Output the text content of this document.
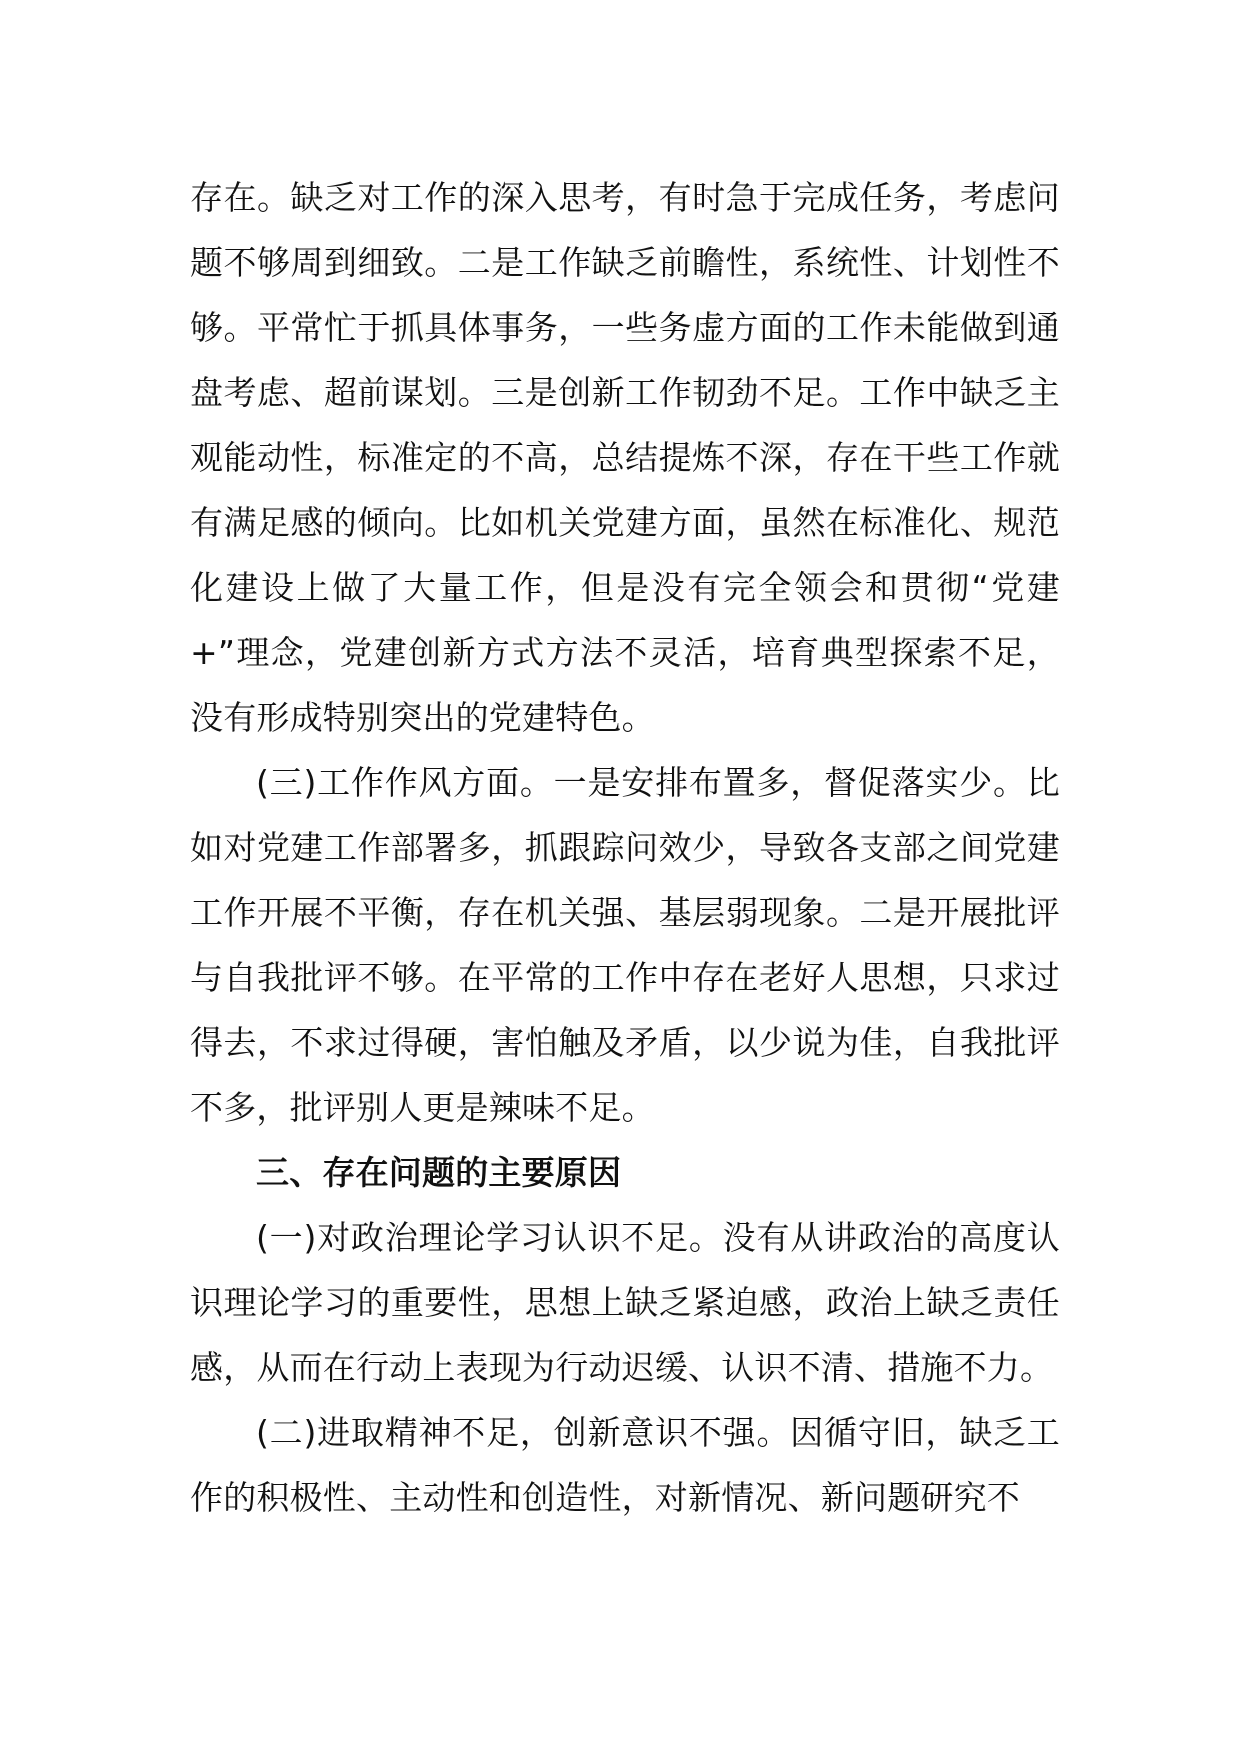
存在。缺乏对工作的深入思考，有时急于完成任务，考虑问题不够周到细致。二是工作缺乏前瞻性，系统性、计划性不够。平常忙于抓具体事务，一些务虚方面的工作未能做到通盘考虑、超前谋划。三是创新工作韧劲不足。工作中缺乏主观能动性，标准定的不高，总结提炼不深，存在干些工作就有满足感的倾向。比如机关党建方面，虽然在标准化、规范化建设上做了大量工作，但是没有完全领会和贯彻“党建+”理念，党建创新方式方法不灵活，培育典型探索不足，没有形成特别突出的党建特色。

(三)工作作风方面。一是安排布置多，督促落实少。比如对党建工作部署多，抓跟踪问效少，导致各支部之间党建工作开展不平衡，存在机关强、基层弱现象。二是开展批评与自我批评不够。在平常的工作中存在老好人思想，只求过得去，不求过得硬，害怕触及矛盾，以少说为佳，自我批评不多，批评别人更是辣味不足。

三、存在问题的主要原因

(一)对政治理论学习认识不足。没有从讲政治的高度认识理论学习的重要性，思想上缺乏紧迫感，政治上缺乏责任感，从而在行动上表现为行动迟缓、认识不清、措施不力。

(二)进取精神不足，创新意识不强。因循守旧，缺乏工作的积极性、主动性和创造性，对新情况、新问题研究不
